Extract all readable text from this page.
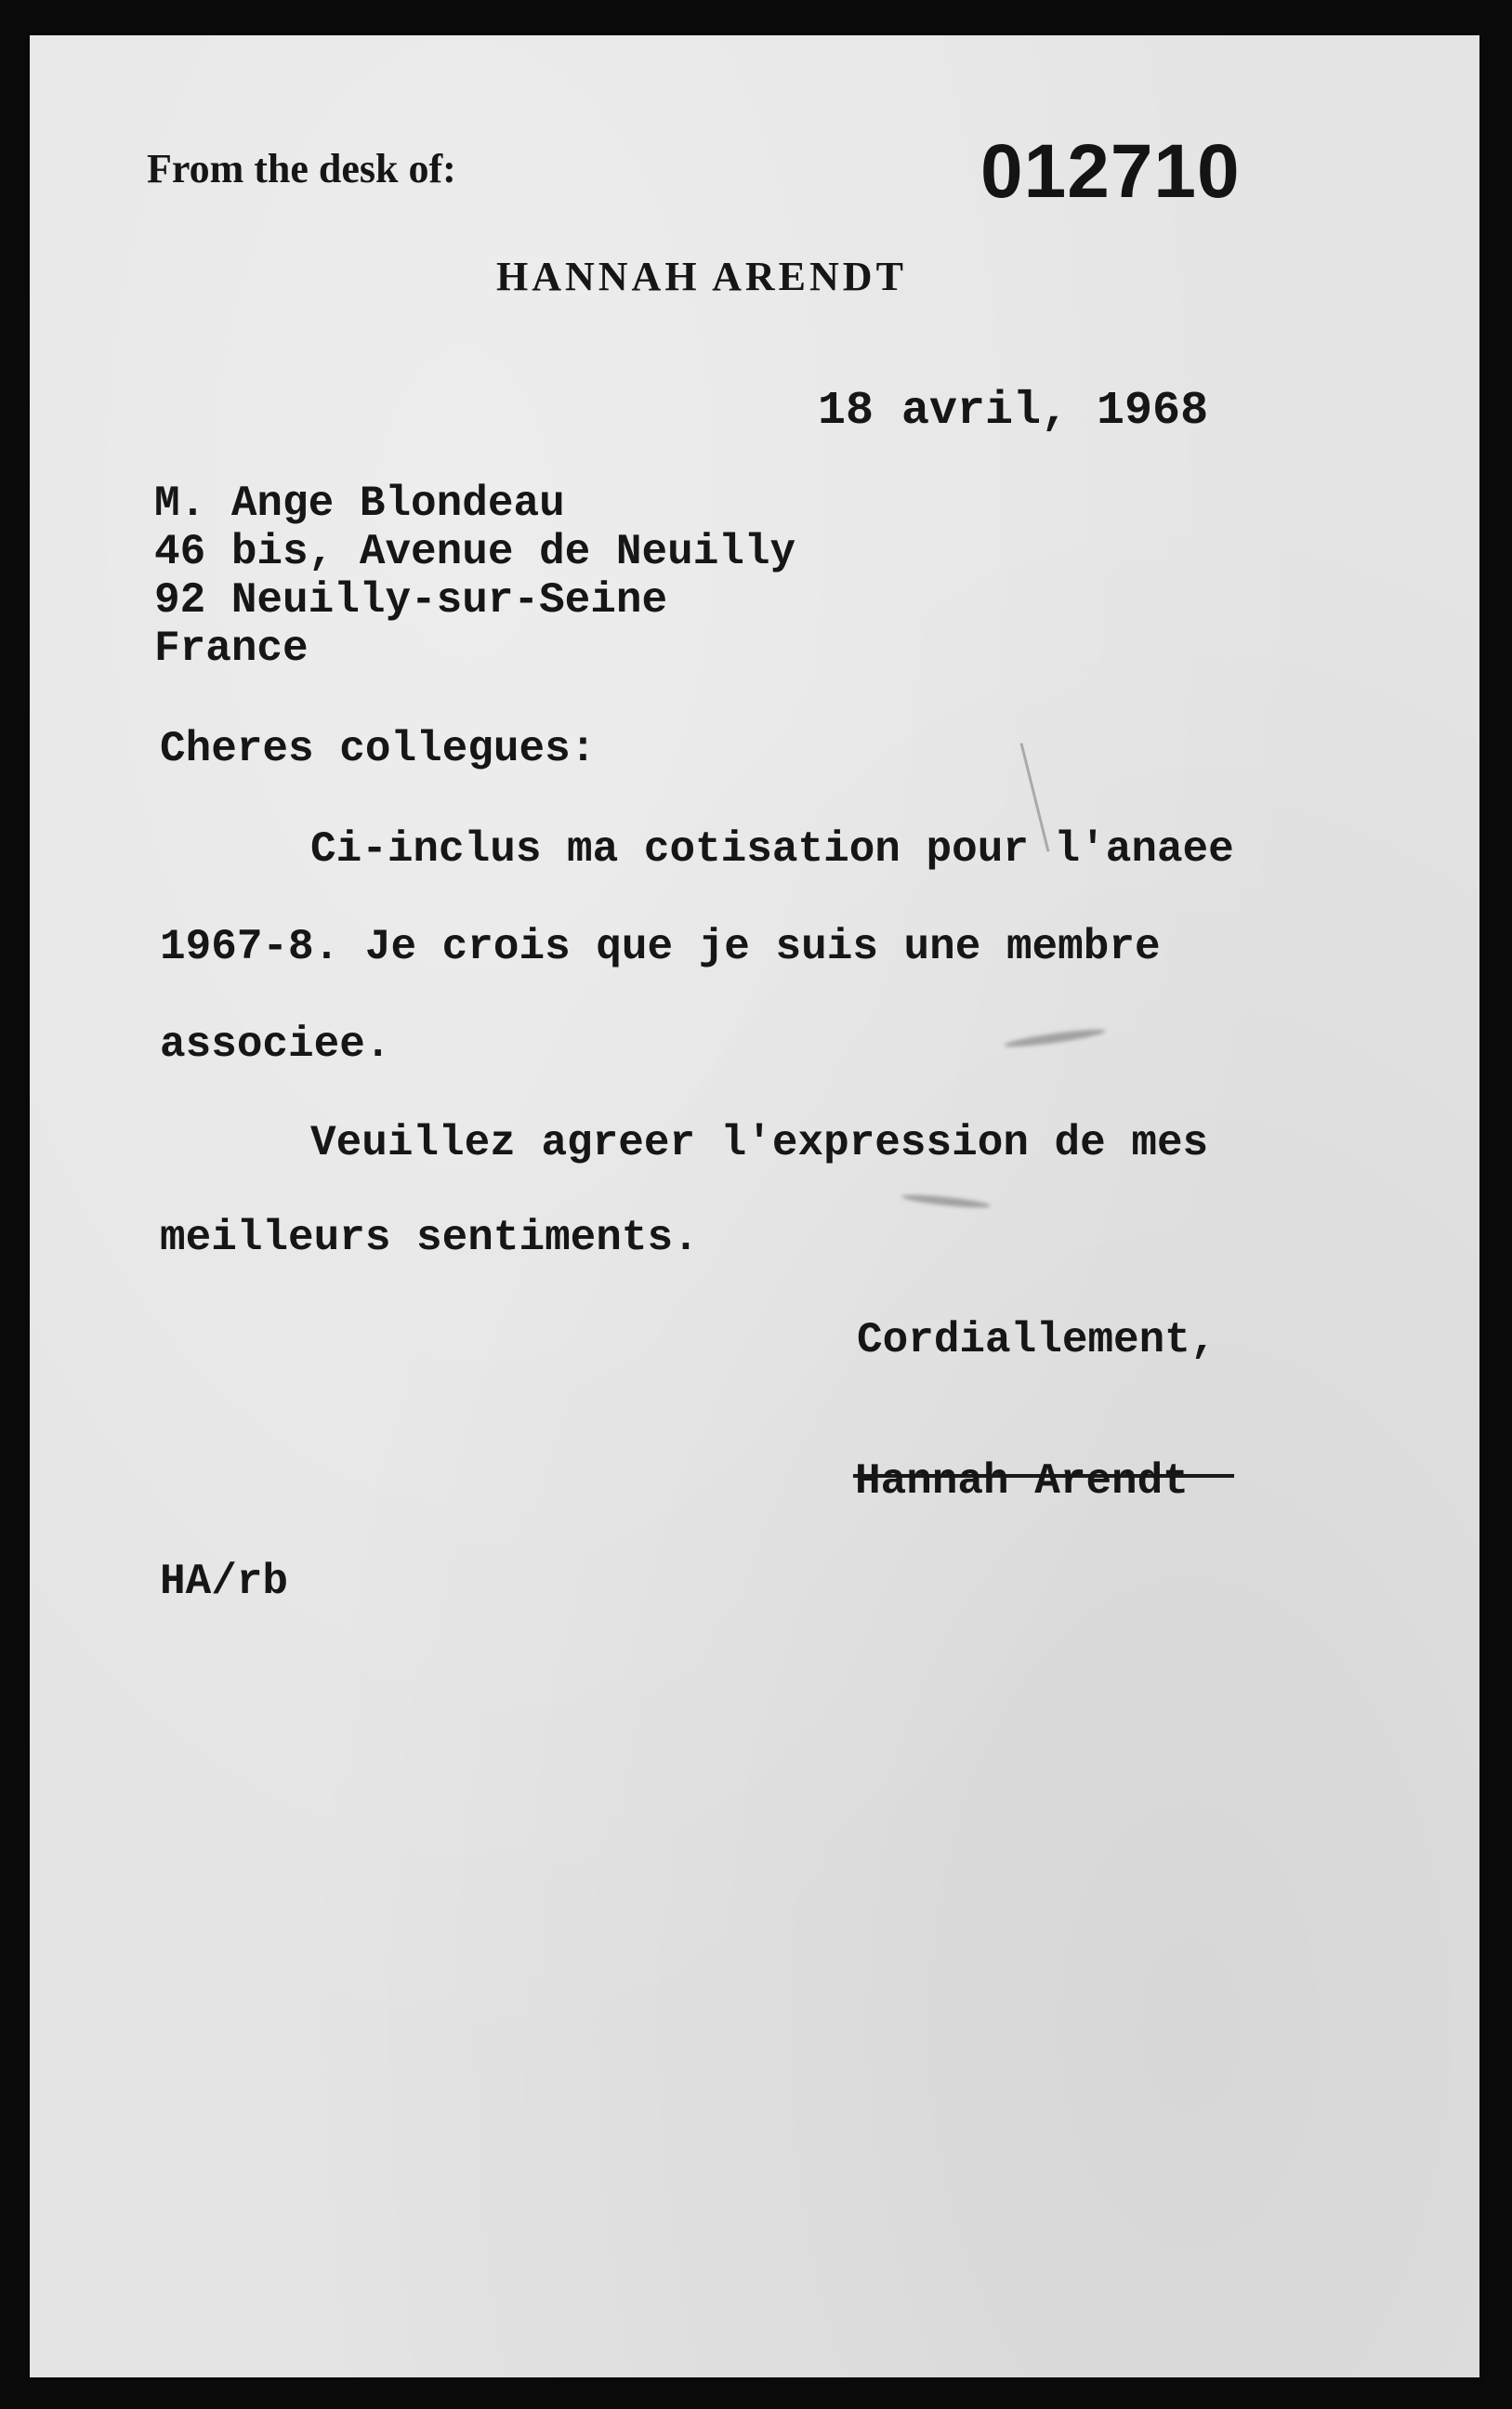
From the desk of:	012710
HANNAH ARENDT
18 avril, 1968
M. Ange Blondeau
46 bis, Avenue de Neuilly
92 Neuilly-sur-Seine
France
Cheres collegues:
Ci-inclus ma cotisation pour l'anaee
1967-8. Je crois que je suis une membre
associee.
Veuillez agreer l'expression de mes
meilleurs sentiments.
Cordiallement,
Hannah Arendt
HA/rb
